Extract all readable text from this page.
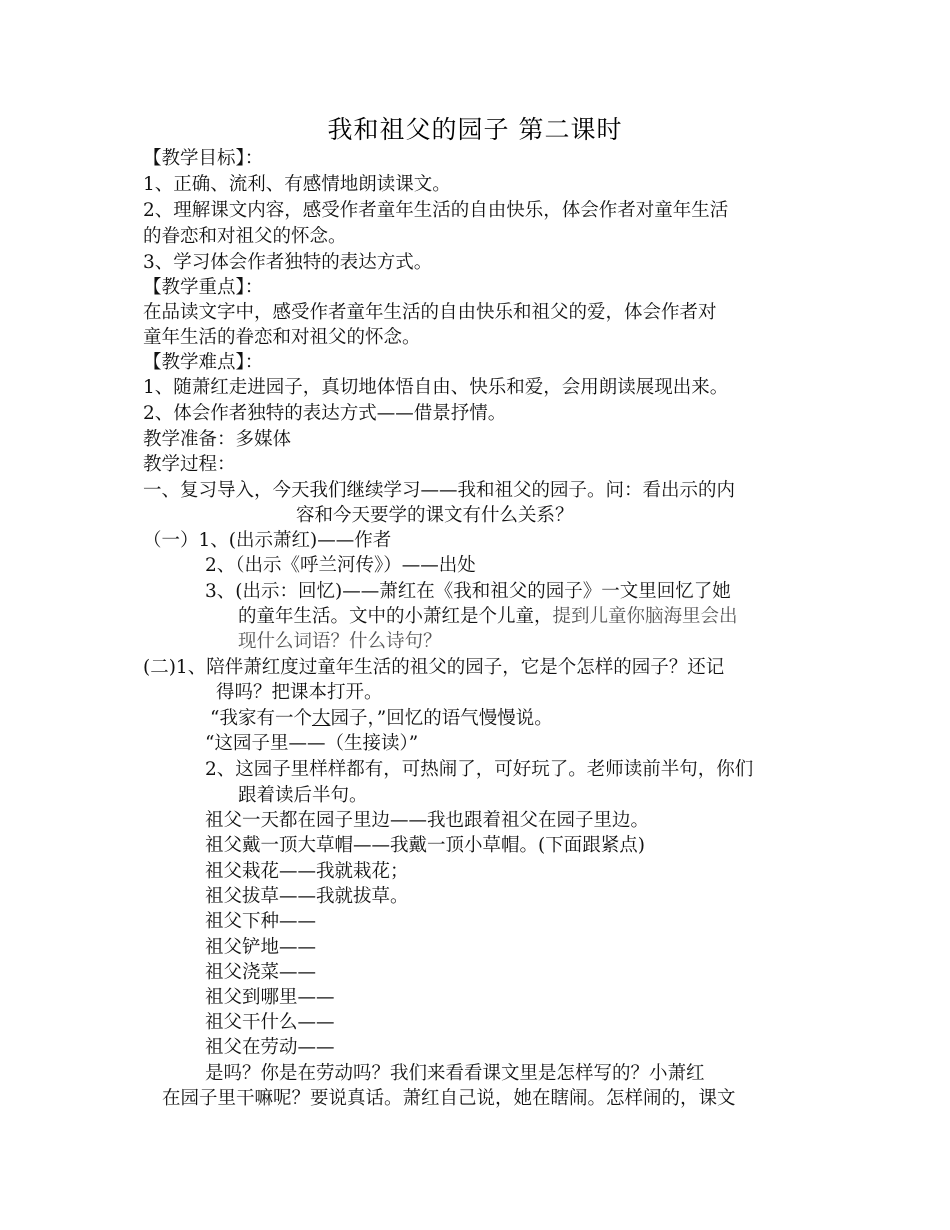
我和祖父的园子 第二课时
【教学目标】：
1、正确、流利、有感情地朗读课文。
2、理解课文内容，感受作者童年生活的自由快乐，体会作者对童年生活
的眷恋和对祖父的怀念。
3、学习体会作者独特的表达方式。
【教学重点】：
在品读文字中，感受作者童年生活的自由快乐和祖父的爱，体会作者对
童年生活的眷恋和对祖父的怀念。
【教学难点】：
1、随萧红走进园子，真切地体悟自由、快乐和爱，会用朗读展现出来。
2、体会作者独特的表达方式——借景抒情。
教学准备：多媒体
教学过程：
一、复习导入，今天我们继续学习——我和祖父的园子。问：看出示的内
容和今天要学的课文有什么关系？
（一）1、(出示萧红)——作者
2、（出示《呼兰河传》）——出处
3、(出示：回忆)——萧红在《我和祖父的园子》一文里回忆了她
的童年生活。文中的小萧红是个儿童，提到儿童你脑海里会出
现什么词语？什么诗句？
(二)1、陪伴萧红度过童年生活的祖父的园子，它是个怎样的园子？还记
得吗？把课本打开。
“我家有一个大园子，”回忆的语气慢慢说。
“这园子里——（生接读）”
2、这园子里样样都有，可热闹了，可好玩了。老师读前半句，你们
跟着读后半句。
祖父一天都在园子里边——我也跟着祖父在园子里边。
祖父戴一顶大草帽——我戴一顶小草帽。(下面跟紧点)
祖父栽花——我就栽花；
祖父拔草——我就拔草。
祖父下种——
祖父铲地——
祖父浇菜——
祖父到哪里——
祖父干什么——
祖父在劳动——
是吗？你是在劳动吗？我们来看看课文里是怎样写的？小萧红
在园子里干嘛呢？要说真话。萧红自己说，她在瞎闹。怎样闹的，课文
